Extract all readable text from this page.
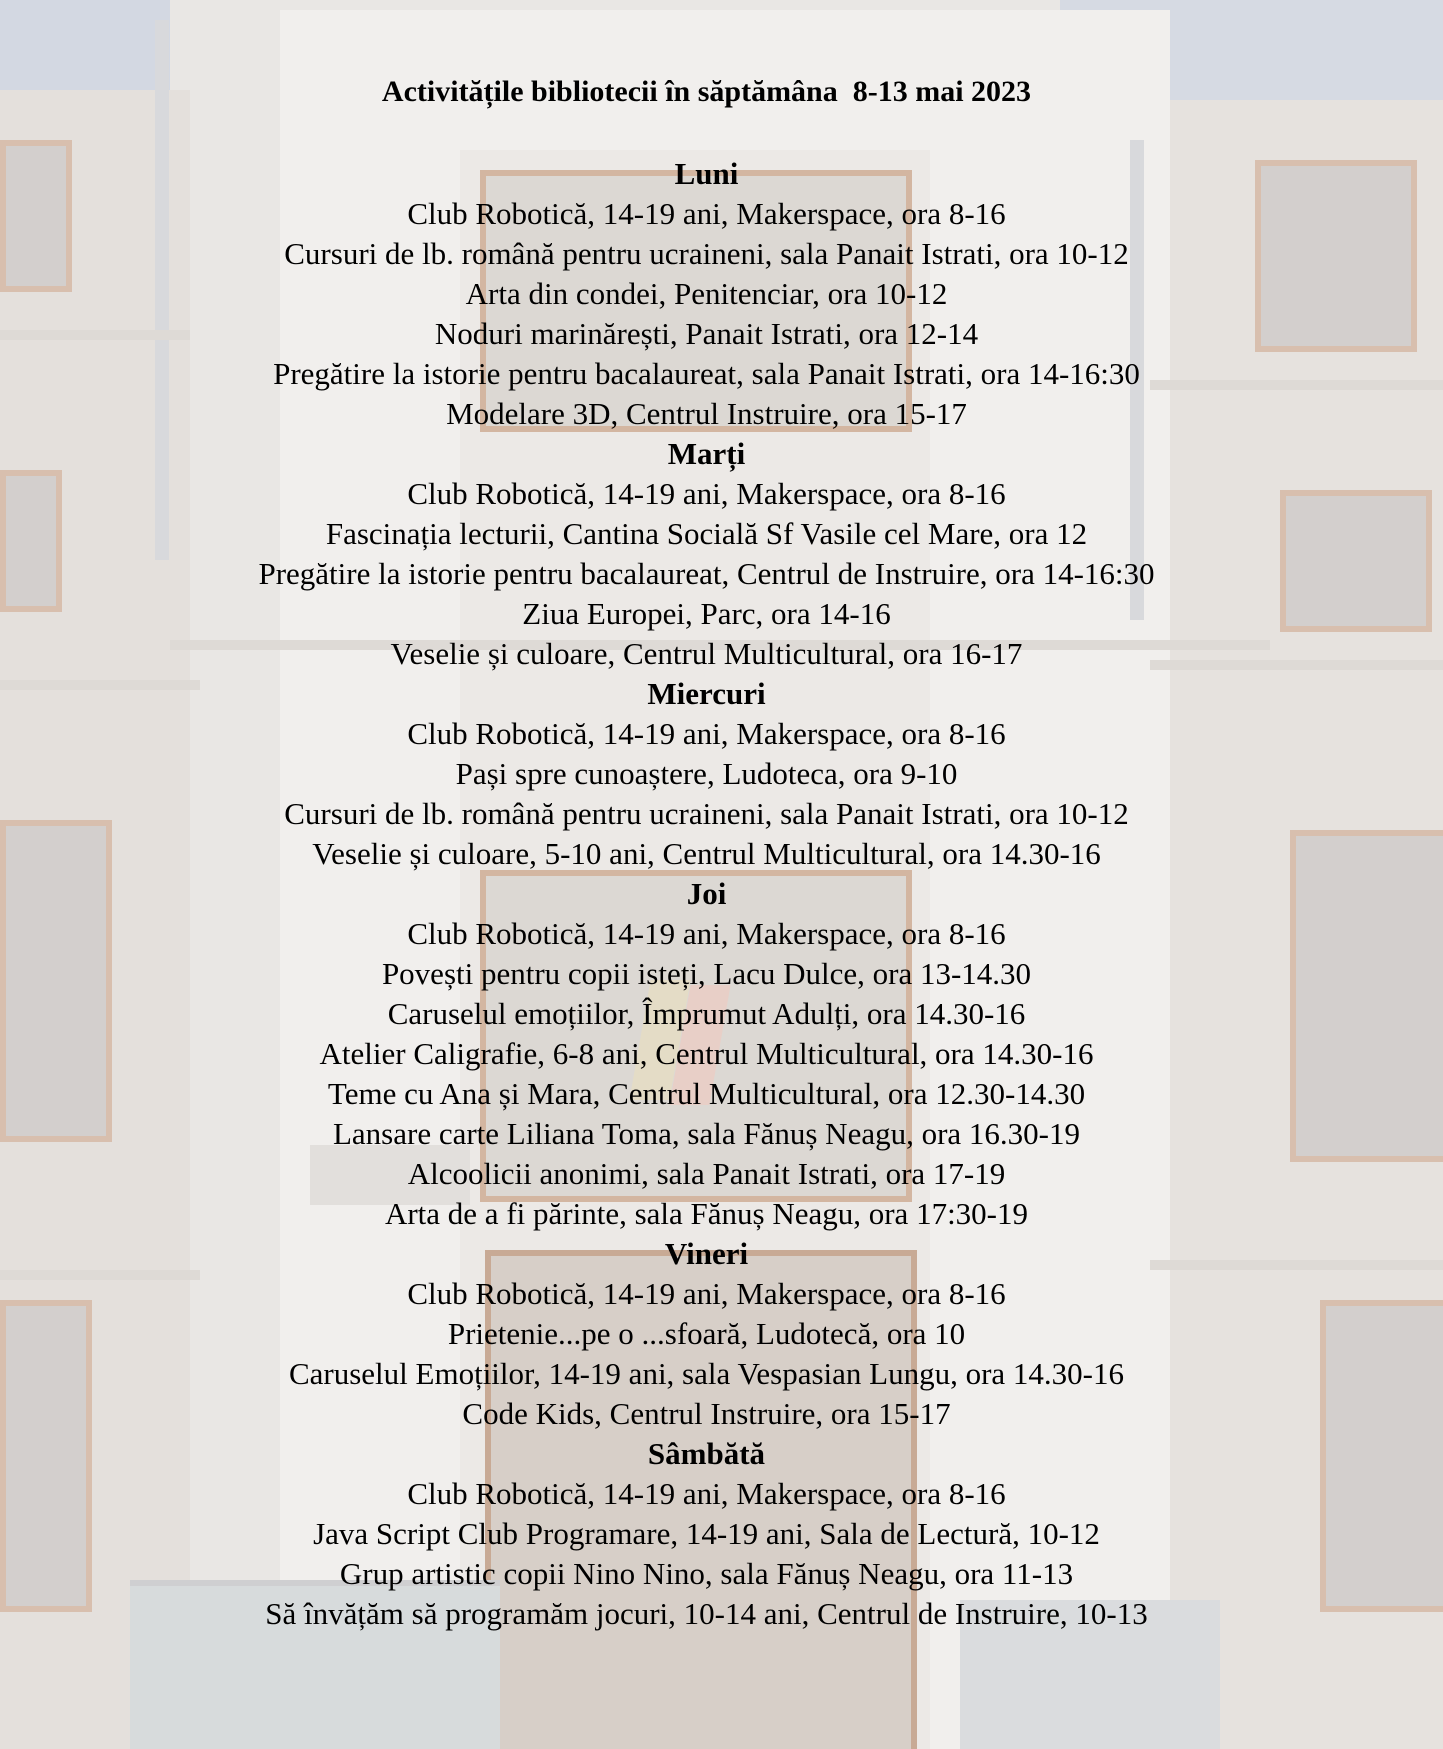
Activitățile bibliotecii în săptămâna  8-13 mai 2023
Luni
Club Robotică, 14-19 ani, Makerspace, ora 8-16
Cursuri de lb. română pentru ucraineni, sala Panait Istrati, ora 10-12
Arta din condei, Penitenciar, ora 10-12
Noduri marinărești, Panait Istrati, ora 12-14
Pregătire la istorie pentru bacalaureat, sala Panait Istrati, ora 14-16:30
Modelare 3D, Centrul Instruire, ora 15-17
Marți
Club Robotică, 14-19 ani, Makerspace, ora 8-16
Fascinația lecturii, Cantina Socială Sf Vasile cel Mare, ora 12
Pregătire la istorie pentru bacalaureat, Centrul de Instruire, ora 14-16:30
Ziua Europei, Parc, ora 14-16
Veselie și culoare, Centrul Multicultural, ora 16-17
Miercuri
Club Robotică, 14-19 ani, Makerspace, ora 8-16
Pași spre cunoaștere, Ludoteca, ora 9-10
Cursuri de lb. română pentru ucraineni, sala Panait Istrati, ora 10-12
Veselie și culoare, 5-10 ani, Centrul Multicultural, ora 14.30-16
Joi
Club Robotică, 14-19 ani, Makerspace, ora 8-16
Povești pentru copii isteți, Lacu Dulce, ora 13-14.30
Caruselul emoțiilor, Împrumut Adulți, ora 14.30-16
Atelier Caligrafie, 6-8 ani, Centrul Multicultural, ora 14.30-16
Teme cu Ana și Mara, Centrul Multicultural, ora 12.30-14.30
Lansare carte Liliana Toma, sala Fănuș Neagu, ora 16.30-19
Alcoolicii anonimi, sala Panait Istrati, ora 17-19
Arta de a fi părinte, sala Fănuș Neagu, ora 17:30-19
Vineri
Club Robotică, 14-19 ani, Makerspace, ora 8-16
Prietenie...pe o ...sfoară, Ludotecă, ora 10
Caruselul Emoțiilor, 14-19 ani, sala Vespasian Lungu, ora 14.30-16
Code Kids, Centrul Instruire, ora 15-17
Sâmbătă
Club Robotică, 14-19 ani, Makerspace, ora 8-16
Java Script Club Programare, 14-19 ani, Sala de Lectură, 10-12
Grup artistic copii Nino Nino, sala Fănuș Neagu, ora 11-13
Să învățăm să programăm jocuri, 10-14 ani, Centrul de Instruire, 10-13
